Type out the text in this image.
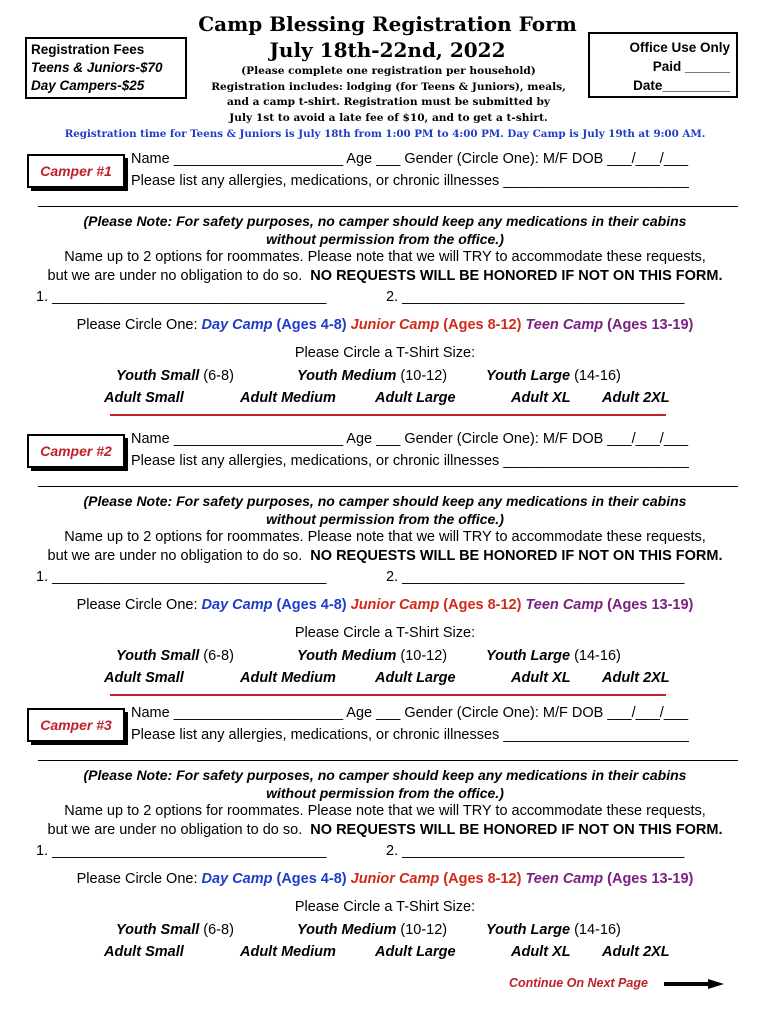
Registration Fees
Teens & Juniors-$70
Day Campers-$25
Camp Blessing Registration Form
July 18th-22nd, 2022
(Please complete one registration per household)
Registration includes: lodging (for Teens & Juniors), meals,
and a camp t-shirt. Registration must be submitted by
July 1st to avoid a late fee of $10, and to get a t-shirt.
Office Use Only
Paid ______
Date_________
Registration time for Teens & Juniors is July 18th from 1:00 PM to 4:00 PM. Day Camp is July 19th at 9:00 AM.
Camper #1
Name _____________________ Age ___ Gender (Circle One): M/F DOB ___/___/___
Please list any allergies, medications, or chronic illnesses _______________________
(Please Note: For safety purposes, no camper should keep any medications in their cabins
without permission from the office.)
Name up to 2 options for roommates. Please note that we will TRY to accommodate these requests,
but we are under no obligation to do so. NO REQUESTS WILL BE HONORED IF NOT ON THIS FORM.
1. __________________________________	2. ___________________________________
Please Circle One: Day Camp (Ages 4-8) Junior Camp (Ages 8-12) Teen Camp (Ages 13-19)
Please Circle a T-Shirt Size:
Youth Small (6-8)	Youth Medium (10-12)	Youth Large (14-16)
Adult Small	Adult Medium	Adult Large	Adult XL Adult 2XL
Camper #2
Name _____________________ Age ___ Gender (Circle One): M/F DOB ___/___/___
Please list any allergies, medications, or chronic illnesses _______________________
(Please Note: For safety purposes, no camper should keep any medications in their cabins
without permission from the office.)
Name up to 2 options for roommates. Please note that we will TRY to accommodate these requests,
but we are under no obligation to do so. NO REQUESTS WILL BE HONORED IF NOT ON THIS FORM.
1. __________________________________	2. ___________________________________
Please Circle One: Day Camp (Ages 4-8) Junior Camp (Ages 8-12) Teen Camp (Ages 13-19)
Please Circle a T-Shirt Size:
Youth Small (6-8)	Youth Medium (10-12)	Youth Large (14-16)
Adult Small	Adult Medium	Adult Large	Adult XL Adult 2XL
Camper #3
Name _____________________ Age ___ Gender (Circle One): M/F DOB ___/___/___
Please list any allergies, medications, or chronic illnesses _______________________
(Please Note: For safety purposes, no camper should keep any medications in their cabins
without permission from the office.)
Name up to 2 options for roommates. Please note that we will TRY to accommodate these requests,
but we are under no obligation to do so. NO REQUESTS WILL BE HONORED IF NOT ON THIS FORM.
1. __________________________________	2. ___________________________________
Please Circle One: Day Camp (Ages 4-8) Junior Camp (Ages 8-12) Teen Camp (Ages 13-19)
Please Circle a T-Shirt Size:
Youth Small (6-8)	Youth Medium (10-12)	Youth Large (14-16)
Adult Small	Adult Medium	Adult Large	Adult XL Adult 2XL
Continue On Next Page
